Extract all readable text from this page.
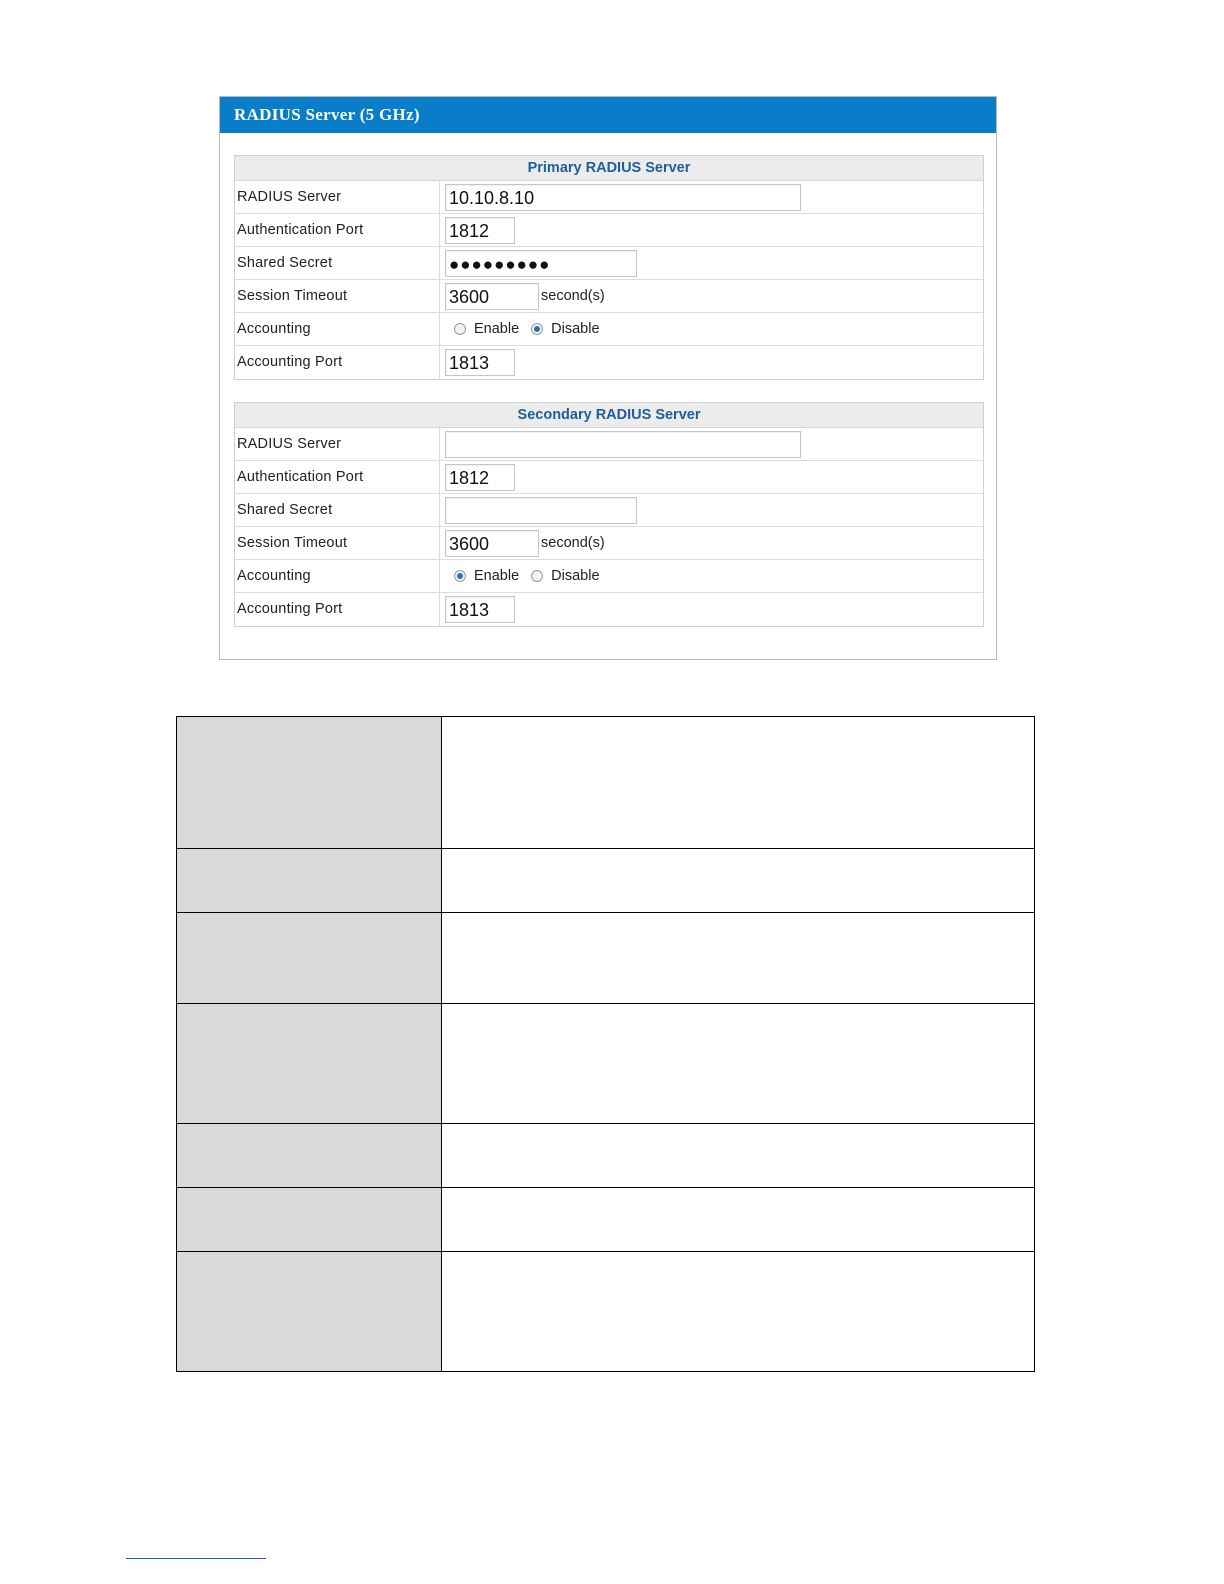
RADIUS Server (5 GHz)
Primary RADIUS Server
RADIUS Server	10.10.8.10
Authentication Port	1812
Shared Secret	●●●●●●●●●
Session Timeout	3600	second(s)
Accounting	Enable Disable
Accounting Port	1813
Secondary RADIUS Server
RADIUS Server
Authentication Port	1812
Shared Secret
Session Timeout	3600	second(s)
Accounting	Enable Disable
Accounting Port	1813
